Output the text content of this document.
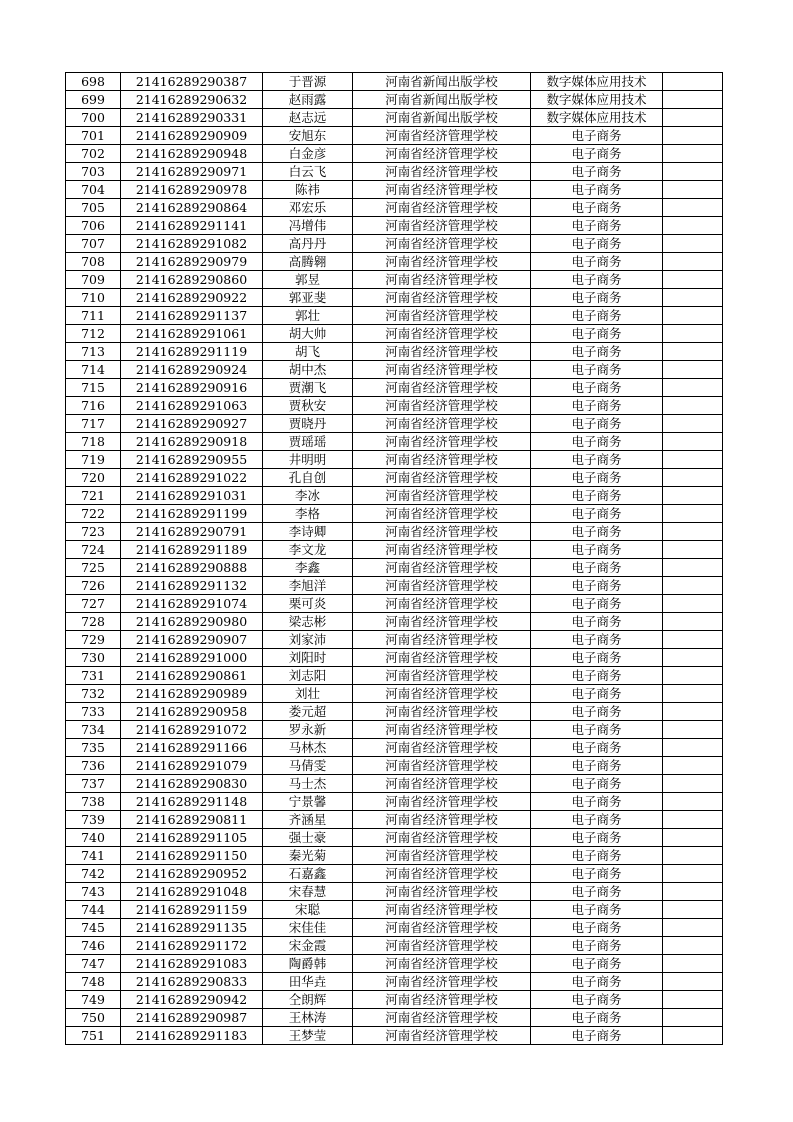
698	21416289290387	于晋源	河南省新闻出版学校	数字媒体应用技术	
699	21416289290632	赵雨露	河南省新闻出版学校	数字媒体应用技术	
700	21416289290331	赵志远	河南省新闻出版学校	数字媒体应用技术	
701	21416289290909	安旭东	河南省经济管理学校	电子商务	
702	21416289290948	白金彦	河南省经济管理学校	电子商务	
703	21416289290971	白云飞	河南省经济管理学校	电子商务	
704	21416289290978	陈祎	河南省经济管理学校	电子商务	
705	21416289290864	邓宏乐	河南省经济管理学校	电子商务	
706	21416289291141	冯增伟	河南省经济管理学校	电子商务	
707	21416289291082	高丹丹	河南省经济管理学校	电子商务	
708	21416289290979	高腾翱	河南省经济管理学校	电子商务	
709	21416289290860	郭昱	河南省经济管理学校	电子商务	
710	21416289290922	郭亚斐	河南省经济管理学校	电子商务	
711	21416289291137	郭壮	河南省经济管理学校	电子商务	
712	21416289291061	胡大帅	河南省经济管理学校	电子商务	
713	21416289291119	胡飞	河南省经济管理学校	电子商务	
714	21416289290924	胡中杰	河南省经济管理学校	电子商务	
715	21416289290916	贾潮飞	河南省经济管理学校	电子商务	
716	21416289291063	贾秋安	河南省经济管理学校	电子商务	
717	21416289290927	贾晓丹	河南省经济管理学校	电子商务	
718	21416289290918	贾瑶瑶	河南省经济管理学校	电子商务	
719	21416289290955	井明明	河南省经济管理学校	电子商务	
720	21416289291022	孔自创	河南省经济管理学校	电子商务	
721	21416289291031	李冰	河南省经济管理学校	电子商务	
722	21416289291199	李格	河南省经济管理学校	电子商务	
723	21416289290791	李诗卿	河南省经济管理学校	电子商务	
724	21416289291189	李文龙	河南省经济管理学校	电子商务	
725	21416289290888	李鑫	河南省经济管理学校	电子商务	
726	21416289291132	李旭洋	河南省经济管理学校	电子商务	
727	21416289291074	栗可炎	河南省经济管理学校	电子商务	
728	21416289290980	梁志彬	河南省经济管理学校	电子商务	
729	21416289290907	刘家沛	河南省经济管理学校	电子商务	
730	21416289291000	刘阳时	河南省经济管理学校	电子商务	
731	21416289290861	刘志阳	河南省经济管理学校	电子商务	
732	21416289290989	刘壮	河南省经济管理学校	电子商务	
733	21416289290958	娄元超	河南省经济管理学校	电子商务	
734	21416289291072	罗永新	河南省经济管理学校	电子商务	
735	21416289291166	马林杰	河南省经济管理学校	电子商务	
736	21416289291079	马倩雯	河南省经济管理学校	电子商务	
737	21416289290830	马士杰	河南省经济管理学校	电子商务	
738	21416289291148	宁景馨	河南省经济管理学校	电子商务	
739	21416289290811	齐涵星	河南省经济管理学校	电子商务	
740	21416289291105	强士豪	河南省经济管理学校	电子商务	
741	21416289291150	秦光菊	河南省经济管理学校	电子商务	
742	21416289290952	石嘉鑫	河南省经济管理学校	电子商务	
743	21416289291048	宋春慧	河南省经济管理学校	电子商务	
744	21416289291159	宋聪	河南省经济管理学校	电子商务	
745	21416289291135	宋佳佳	河南省经济管理学校	电子商务	
746	21416289291172	宋金霞	河南省经济管理学校	电子商务	
747	21416289291083	陶爵韩	河南省经济管理学校	电子商务	
748	21416289290833	田华垚	河南省经济管理学校	电子商务	
749	21416289290942	仝朗辉	河南省经济管理学校	电子商务	
750	21416289290987	王林涛	河南省经济管理学校	电子商务	
751	21416289291183	王梦莹	河南省经济管理学校	电子商务	
